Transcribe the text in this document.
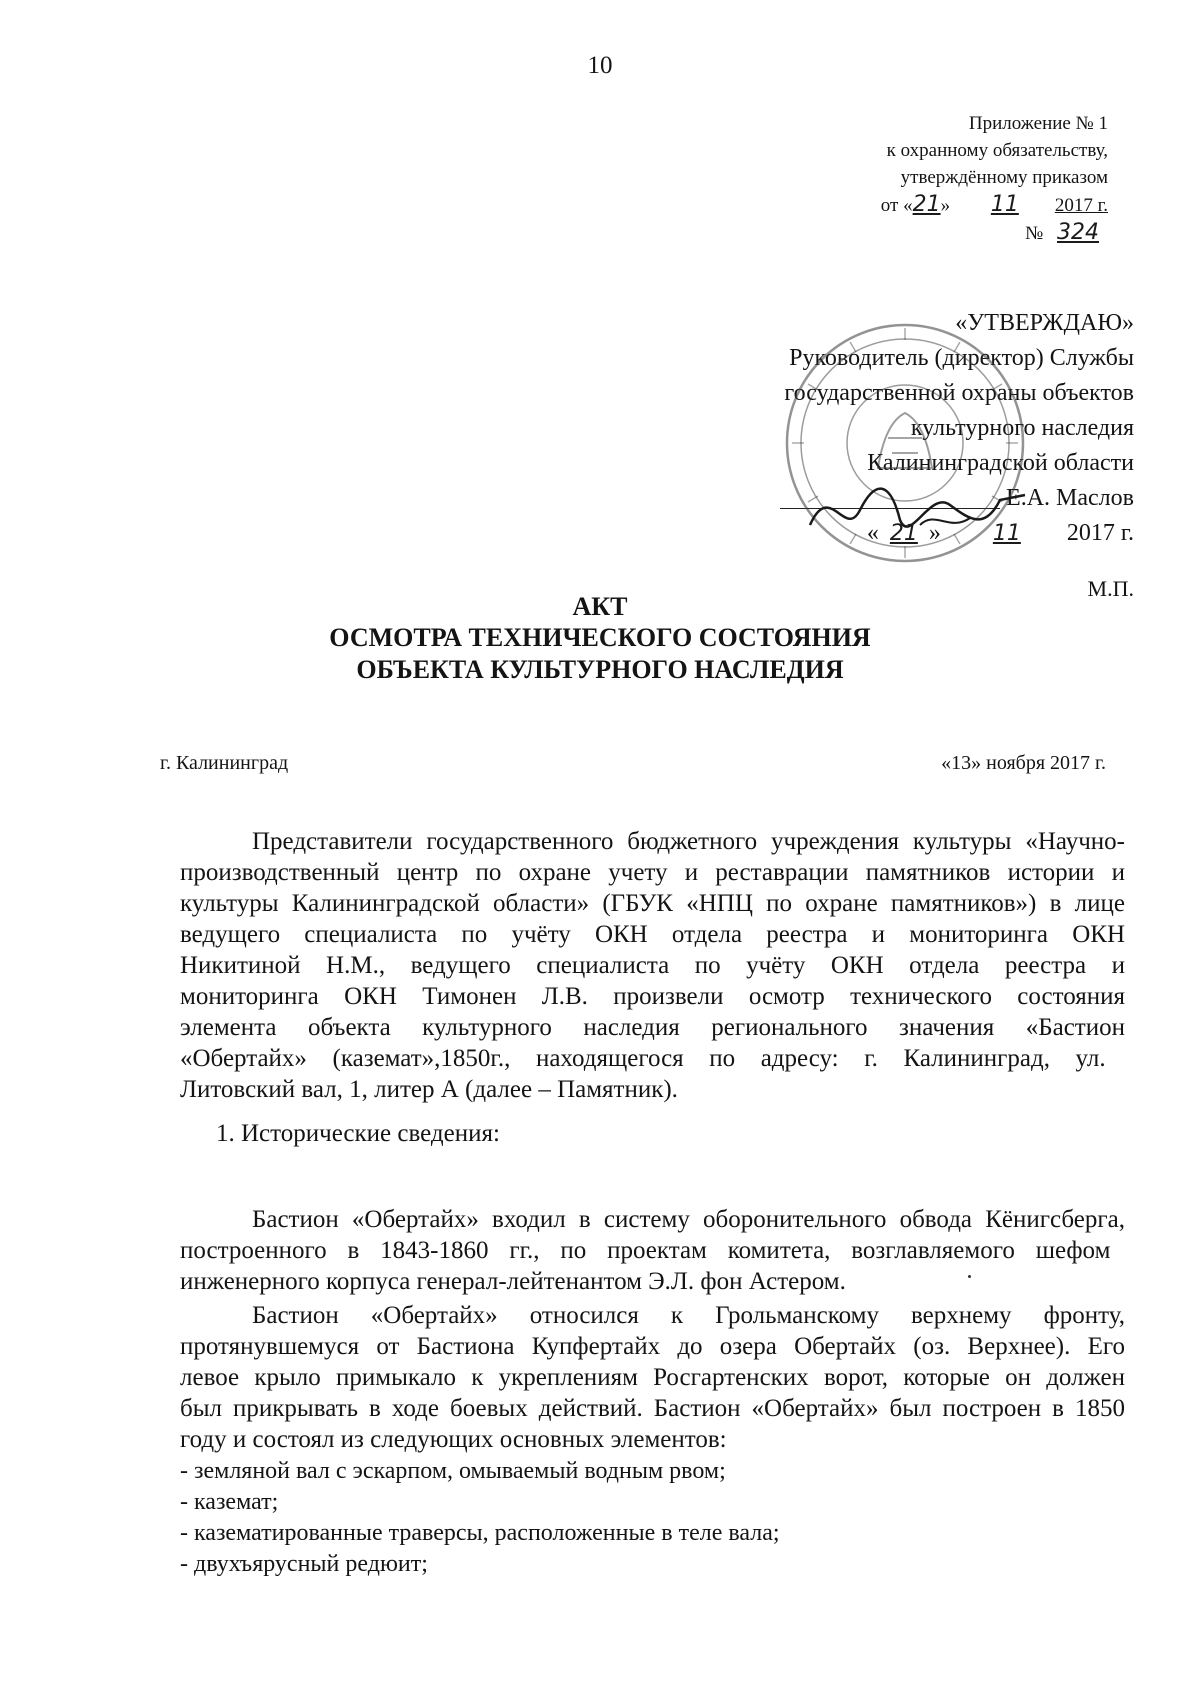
10
Приложение № 1
к охранному обязательству,
утверждённому приказом
от «21» 11 2017 г.
№ 324
«УТВЕРЖДАЮ»
Руководитель (директор) Службы
государственной охраны объектов
культурного наследия
Калининградской области
Е.А. Маслов
« 21 » 11 2017 г.
М.П.
АКТ
ОСМОТРА ТЕХНИЧЕСКОГО СОСТОЯНИЯ
ОБЪЕКТА КУЛЬТУРНОГО НАСЛЕДИЯ
г. Калининград	«13» ноября 2017 г.
Представители государственного бюджетного учреждения культуры «Научно-
производственный центр по охране учету и реставрации памятников истории и
культуры Калининградской области» (ГБУК «НПЦ по охране памятников») в лице
ведущего специалиста по учёту ОКН отдела реестра и мониторинга ОКН
Никитиной Н.М., ведущего специалиста по учёту ОКН отдела реестра и
мониторинга ОКН Тимонен Л.В. произвели осмотр технического состояния
элемента объекта культурного наследия регионального значения «Бастион
«Обертайх» (каземат»,1850г., находящегося по адресу: г. Калининград, ул.
Литовский вал, 1, литер А (далее – Памятник).
1. Исторические сведения:
Бастион «Обертайх» входил в систему оборонительного обвода Кёнигсберга,
построенного в 1843-1860 гг., по проектам комитета, возглавляемого шефом
инженерного корпуса генерал-лейтенантом Э.Л. фон Астером.
Бастион «Обертайх» относился к Грольманскому верхнему фронту,
протянувшемуся от Бастиона Купфертайх до озера Обертайх (оз. Верхнее). Его
левое крыло примыкало к укреплениям Росгартенских ворот, которые он должен
был прикрывать в ходе боевых действий. Бастион «Обертайх» был построен в 1850
году и состоял из следующих основных элементов:
- земляной вал с эскарпом, омываемый водным рвом;
- каземат;
- казематированные траверсы, расположенные в теле вала;
- двухъярусный редюит;
